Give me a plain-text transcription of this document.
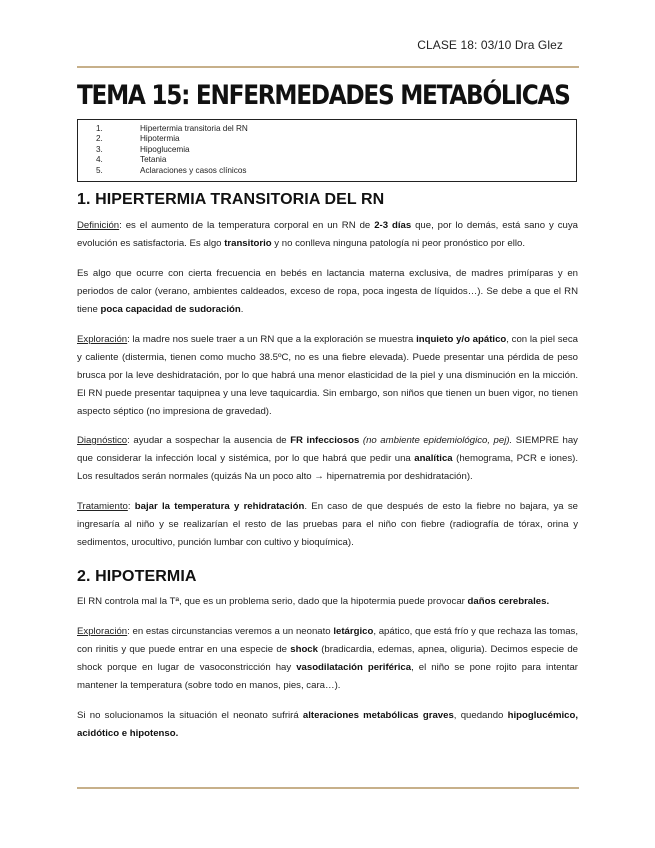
CLASE 18: 03/10 Dra Glez
TEMA 15: ENFERMEDADES METABÓLICAS
1.	Hipertermia transitoria del RN
2.	Hipotermia
3.	Hipoglucemia
4.	Tetania
5.	Aclaraciones y casos clínicos
1. HIPERTERMIA TRANSITORIA DEL RN
Definición: es el aumento de la temperatura corporal en un RN de 2-3 días que, por lo demás, está sano y cuya evolución es satisfactoria. Es algo transitorio y no conlleva ninguna patología ni peor pronóstico por ello.
Es algo que ocurre con cierta frecuencia en bebés en lactancia materna exclusiva, de madres primíparas y en periodos de calor (verano, ambientes caldeados, exceso de ropa, poca ingesta de líquidos…). Se debe a que el RN tiene poca capacidad de sudoración.
Exploración: la madre nos suele traer a un RN que a la exploración se muestra inquieto y/o apático, con la piel seca y caliente (distermia, tienen como mucho 38.5ºC, no es una fiebre elevada). Puede presentar una pérdida de peso brusca por la leve deshidratación, por lo que habrá una menor elasticidad de la piel y una disminución en la micción. El RN puede presentar taquipnea y una leve taquicardia. Sin embargo, son niños que tienen un buen vigor, no tienen aspecto séptico (no impresiona de gravedad).
Diagnóstico: ayudar a sospechar la ausencia de FR infecciosos (no ambiente epidemiológico, pej). SIEMPRE hay que considerar la infección local y sistémica, por lo que habrá que pedir una analítica (hemograma, PCR e iones). Los resultados serán normales (quizás Na un poco alto → hipernatremia por deshidratación).
Tratamiento: bajar la temperatura y rehidratación. En caso de que después de esto la fiebre no bajara, ya se ingresaría al niño y se realizarían el resto de las pruebas para el niño con fiebre (radiografía de tórax, orina y sedimentos, urocultivo, punción lumbar con cultivo y bioquímica).
2. HIPOTERMIA
El RN controla mal la Tª, que es un problema serio, dado que la hipotermia puede provocar daños cerebrales.
Exploración: en estas circunstancias veremos a un neonato letárgico, apático, que está frío y que rechaza las tomas, con rinitis y que puede entrar en una especie de shock (bradicardia, edemas, apnea, oliguria). Decimos especie de shock porque en lugar de vasoconstricción hay vasodilatación periférica, el niño se pone rojito para intentar mantener la temperatura (sobre todo en manos, pies, cara…).
Si no solucionamos la situación el neonato sufrirá alteraciones metabólicas graves, quedando hipoglucémico, acidótico e hipotenso.
